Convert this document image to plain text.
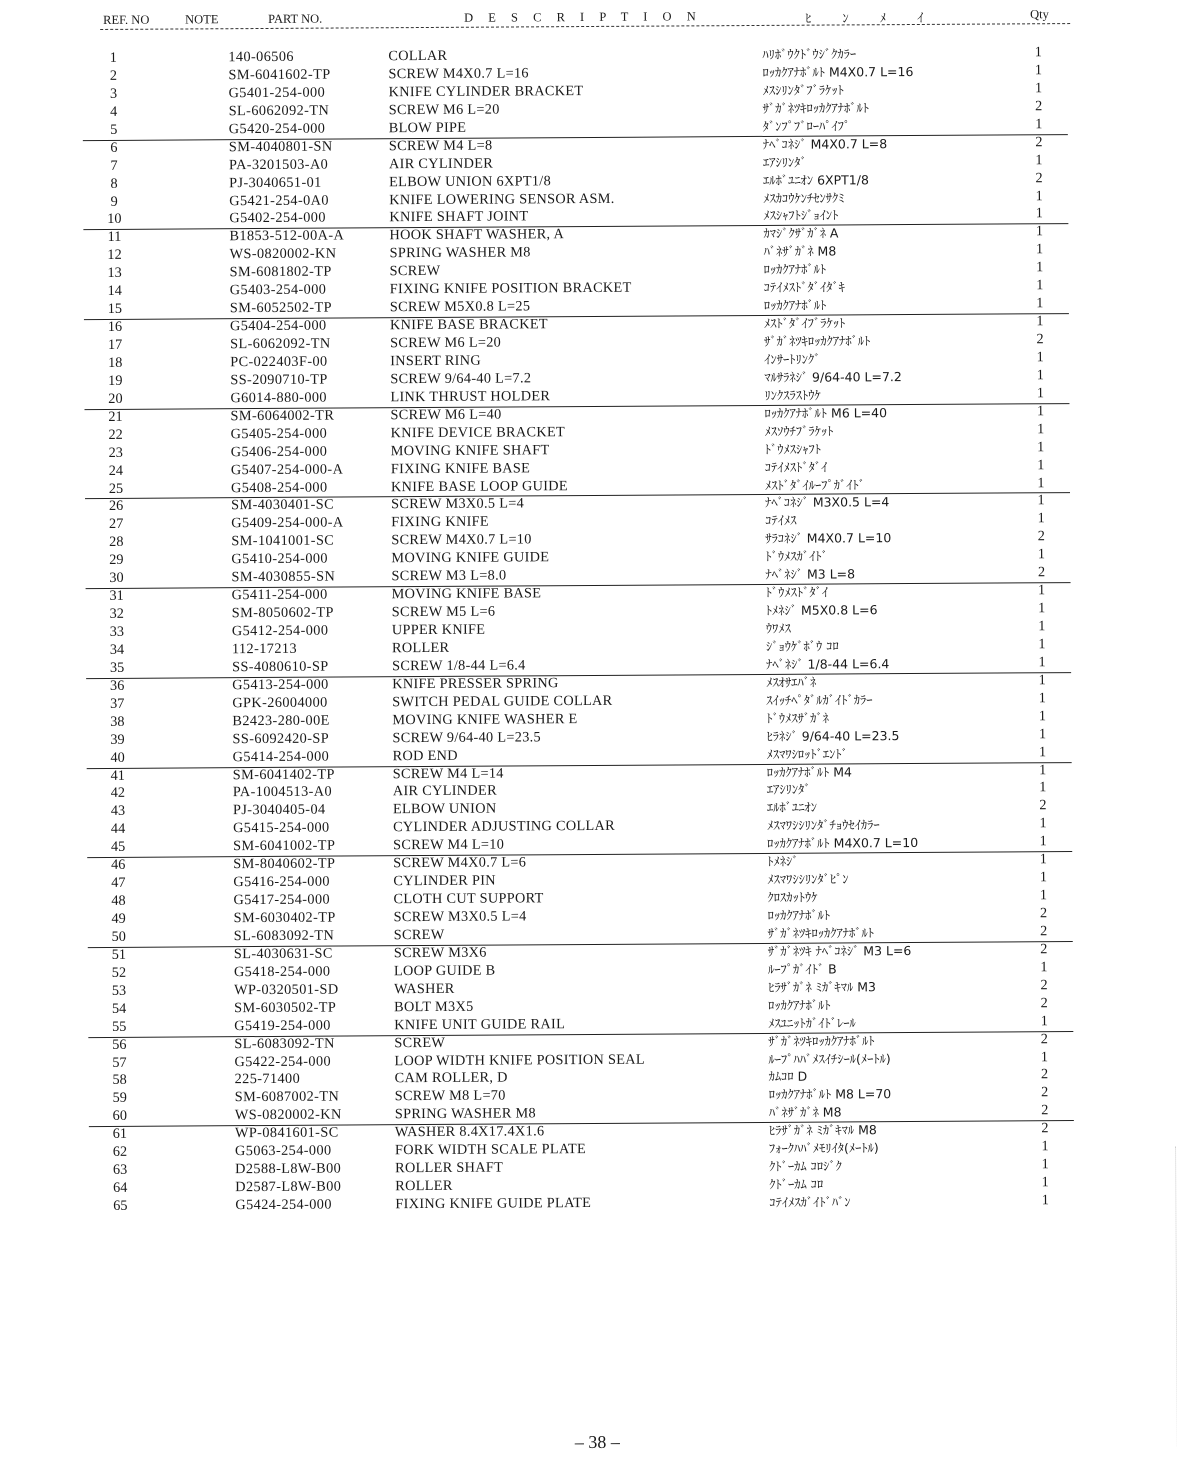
REF. NO	NOTE	PART NO.	D E S C R I P T I O N	ﾋ ﾝ ﾒ ｲ	Qty
1	140-06506	COLLAR	ﾊﾘﾎﾞｳｸﾄﾞｳｼﾞｸｶﾗｰ	1
2	SM-6041602-TP	SCREW M4X0.7 L=16	ﾛｯｶｸｱﾅﾎﾞﾙﾄ M4X0.7 L=16	1
3	G5401-254-000	KNIFE CYLINDER BRACKET	ﾒｽｼﾘﾝﾀﾞﾌﾞﾗｹｯﾄ	1
4	SL-6062092-TN	SCREW M6 L=20	ｻﾞｶﾞﾈﾂｷﾛｯｶｸｱﾅﾎﾞﾙﾄ	2
5	G5420-254-000	BLOW PIPE	ﾀﾞﾝﾌﾟﾌﾞﾛｰﾊﾟｲﾌﾟ	1
6	SM-4040801-SN	SCREW M4 L=8	ﾅﾍﾞｺﾈｼﾞ M4X0.7 L=8	2
7	PA-3201503-A0	AIR CYLINDER	ｴｱｼﾘﾝﾀﾞ	1
8	PJ-3040651-01	ELBOW UNION 6XPT1/8	ｴﾙﾎﾞﾕﾆｵﾝ 6XPT1/8	2
9	G5421-254-0A0	KNIFE LOWERING SENSOR ASM.	ﾒｽｶｺｳｹﾝﾁｾﾝｻｸﾐ	1
10	G5402-254-000	KNIFE SHAFT JOINT	ﾒｽｼｬﾌﾄｼﾞｮｲﾝﾄ	1
11	B1853-512-00A-A	HOOK SHAFT WASHER, A	ｶﾏｼﾞｸｻﾞｶﾞﾈ A	1
12	WS-0820002-KN	SPRING WASHER M8	ﾊﾞﾈｻﾞｶﾞﾈ M8	1
13	SM-6081802-TP	SCREW	ﾛｯｶｸｱﾅﾎﾞﾙﾄ	1
14	G5403-254-000	FIXING KNIFE POSITION BRACKET	ｺﾃｲﾒｽﾄﾞﾀﾞｲﾀﾞｷ	1
15	SM-6052502-TP	SCREW M5X0.8 L=25	ﾛｯｶｸｱﾅﾎﾞﾙﾄ	1
16	G5404-254-000	KNIFE BASE BRACKET	ﾒｽﾄﾞﾀﾞｲﾌﾞﾗｹｯﾄ	1
17	SL-6062092-TN	SCREW M6 L=20	ｻﾞｶﾞﾈﾂｷﾛｯｶｸｱﾅﾎﾞﾙﾄ	2
18	PC-022403F-00	INSERT RING	ｲﾝｻｰﾄﾘﾝｸﾞ	1
19	SS-2090710-TP	SCREW 9/64-40 L=7.2	ﾏﾙｻﾗﾈｼﾞ 9/64-40 L=7.2	1
20	G6014-880-000	LINK THRUST HOLDER	ﾘﾝｸｽﾗｽﾄｳｹ	1
21	SM-6064002-TR	SCREW M6 L=40	ﾛｯｶｸｱﾅﾎﾞﾙﾄ M6 L=40	1
22	G5405-254-000	KNIFE DEVICE BRACKET	ﾒｽｿｳﾁﾌﾞﾗｹｯﾄ	1
23	G5406-254-000	MOVING KNIFE SHAFT	ﾄﾞｳﾒｽｼｬﾌﾄ	1
24	G5407-254-000-A	FIXING KNIFE BASE	ｺﾃｲﾒｽﾄﾞﾀﾞｲ	1
25	G5408-254-000	KNIFE BASE LOOP GUIDE	ﾒｽﾄﾞﾀﾞｲﾙｰﾌﾟｶﾞｲﾄﾞ	1
26	SM-4030401-SC	SCREW M3X0.5 L=4	ﾅﾍﾞｺﾈｼﾞ M3X0.5 L=4	1
27	G5409-254-000-A	FIXING KNIFE	ｺﾃｲﾒｽ	1
28	SM-1041001-SC	SCREW M4X0.7 L=10	ｻﾗｺﾈｼﾞ M4X0.7 L=10	2
29	G5410-254-000	MOVING KNIFE GUIDE	ﾄﾞｳﾒｽｶﾞｲﾄﾞ	1
30	SM-4030855-SN	SCREW M3 L=8.0	ﾅﾍﾞﾈｼﾞ M3 L=8	2
31	G5411-254-000	MOVING KNIFE BASE	ﾄﾞｳﾒｽﾄﾞﾀﾞｲ	1
32	SM-8050602-TP	SCREW M5 L=6	ﾄﾒﾈｼﾞ M5X0.8 L=6	1
33	G5412-254-000	UPPER KNIFE	ｳﾜﾒｽ	1
34	112-17213	ROLLER	ｼﾞｮｳｹﾞﾎﾞｳ ｺﾛ	1
35	SS-4080610-SP	SCREW 1/8-44 L=6.4	ﾅﾍﾞﾈｼﾞ 1/8-44 L=6.4	1
36	G5413-254-000	KNIFE PRESSER SPRING	ﾒｽｵｻｴﾊﾞﾈ	1
37	GPK-26004000	SWITCH PEDAL GUIDE COLLAR	ｽｲｯﾁﾍﾟﾀﾞﾙｶﾞｲﾄﾞｶﾗｰ	1
38	B2423-280-00E	MOVING KNIFE WASHER E	ﾄﾞｳﾒｽｻﾞｶﾞﾈ	1
39	SS-6092420-SP	SCREW 9/64-40 L=23.5	ﾋﾗﾈｼﾞ 9/64-40 L=23.5	1
40	G5414-254-000	ROD END	ﾒｽﾏﾜｼﾛｯﾄﾞｴﾝﾄﾞ	1
41	SM-6041402-TP	SCREW M4 L=14	ﾛｯｶｸｱﾅﾎﾞﾙﾄ M4	1
42	PA-1004513-A0	AIR CYLINDER	ｴｱｼﾘﾝﾀﾞ	1
43	PJ-3040405-04	ELBOW UNION	ｴﾙﾎﾞﾕﾆｵﾝ	2
44	G5415-254-000	CYLINDER ADJUSTING COLLAR	ﾒｽﾏﾜｼｼﾘﾝﾀﾞﾁｮｳｾｲｶﾗｰ	1
45	SM-6041002-TP	SCREW M4 L=10	ﾛｯｶｸｱﾅﾎﾞﾙﾄ M4X0.7 L=10	1
46	SM-8040602-TP	SCREW M4X0.7 L=6	ﾄﾒﾈｼﾞ	1
47	G5416-254-000	CYLINDER PIN	ﾒｽﾏﾜｼｼﾘﾝﾀﾞﾋﾟﾝ	1
48	G5417-254-000	CLOTH CUT SUPPORT	ｸﾛｽｶｯﾄｳｹ	1
49	SM-6030402-TP	SCREW M3X0.5 L=4	ﾛｯｶｸｱﾅﾎﾞﾙﾄ	2
50	SL-6083092-TN	SCREW	ｻﾞｶﾞﾈﾂｷﾛｯｶｸｱﾅﾎﾞﾙﾄ	2
51	SL-4030631-SC	SCREW M3X6	ｻﾞｶﾞﾈﾂｷ ﾅﾍﾞｺﾈｼﾞ M3 L=6	2
52	G5418-254-000	LOOP GUIDE B	ﾙｰﾌﾟｶﾞｲﾄﾞ B	1
53	WP-0320501-SD	WASHER	ﾋﾗｻﾞｶﾞﾈ ﾐｶﾞｷﾏﾙ M3	2
54	SM-6030502-TP	BOLT M3X5	ﾛｯｶｸｱﾅﾎﾞﾙﾄ	2
55	G5419-254-000	KNIFE UNIT GUIDE RAIL	ﾒｽﾕﾆｯﾄｶﾞｲﾄﾞﾚｰﾙ	1
56	SL-6083092-TN	SCREW	ｻﾞｶﾞﾈﾂｷﾛｯｶｸｱﾅﾎﾞﾙﾄ	2
57	G5422-254-000	LOOP WIDTH KNIFE POSITION SEAL	ﾙｰﾌﾟﾊﾊﾞﾒｽｲﾁｼｰﾙ(ﾒｰﾄﾙ)	1
58	225-71400	CAM ROLLER, D	ｶﾑｺﾛ D	2
59	SM-6087002-TN	SCREW M8 L=70	ﾛｯｶｸｱﾅﾎﾞﾙﾄ M8 L=70	2
60	WS-0820002-KN	SPRING WASHER M8	ﾊﾞﾈｻﾞｶﾞﾈ M8	2
61	WP-0841601-SC	WASHER 8.4X17.4X1.6	ﾋﾗｻﾞｶﾞﾈ ﾐｶﾞｷﾏﾙ M8	2
62	G5063-254-000	FORK WIDTH SCALE PLATE	ﾌｫｰｸﾊﾊﾞﾒﾓﾘｲﾀ(ﾒｰﾄﾙ)	1
63	D2588-L8W-B00	ROLLER SHAFT	ｸﾄﾞｰｶﾑ ｺﾛｼﾞｸ	1
64	D2587-L8W-B00	ROLLER	ｸﾄﾞｰｶﾑ ｺﾛ	1
65	G5424-254-000	FIXING KNIFE GUIDE PLATE	ｺﾃｲﾒｽｶﾞｲﾄﾞﾊﾞﾝ	1
– 38 –
